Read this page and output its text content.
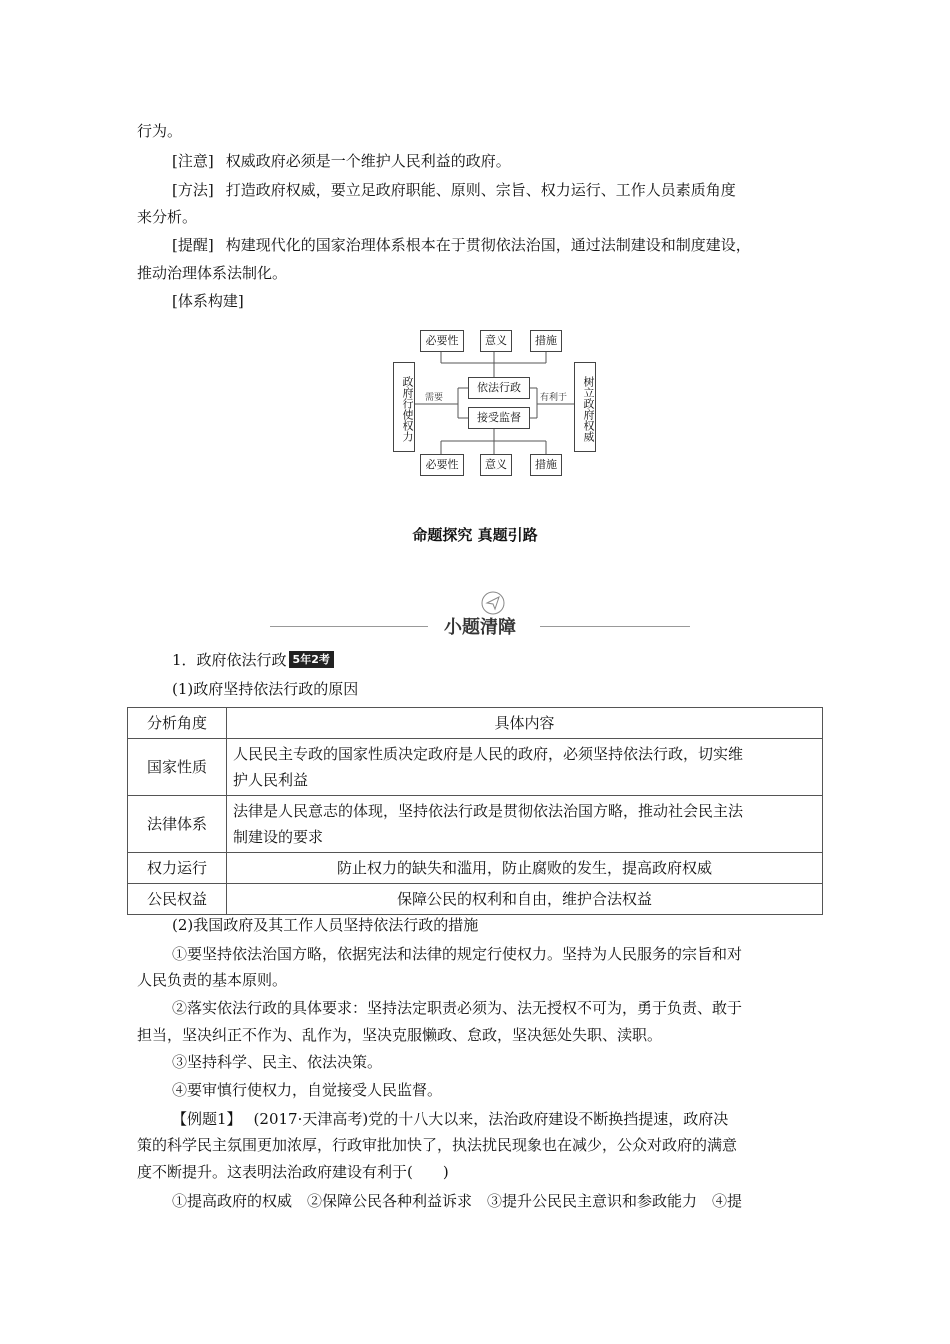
行为。
[注意] 权威政府必须是一个维护人民利益的政府。
[方法] 打造政府权威，要立足政府职能、原则、宗旨、权力运行、工作人员素质角度
来分析。
[提醒] 构建现代化的国家治理体系根本在于贯彻依法治国，通过法制建设和制度建设，
推动治理体系法制化。
[体系构建]
必要性	意义	措施
依法行政
接受监督
政府行使权力	树立政府权威
需要	有利于
必要性	意义	措施
命题探究 真题引路
小题清障
1．政府依法行政 5年2考
(1)政府坚持依法行政的原因
分析角度	具体内容
国家性质	人民民主专政的国家性质决定政府是人民的政府，必须坚持依法行政，切实维
护人民利益
法律体系	法律是人民意志的体现，坚持依法行政是贯彻依法治国方略，推动社会民主法
制建设的要求
权力运行	防止权力的缺失和滥用，防止腐败的发生，提高政府权威
公民权益	保障公民的权利和自由，维护合法权益
(2)我国政府及其工作人员坚持依法行政的措施
①要坚持依法治国方略，依据宪法和法律的规定行使权力。坚持为人民服务的宗旨和对
人民负责的基本原则。
②落实依法行政的具体要求：坚持法定职责必须为、法无授权不可为，勇于负责、敢于
担当，坚决纠正不作为、乱作为，坚决克服懒政、怠政，坚决惩处失职、渎职。
③坚持科学、民主、依法决策。
④要审慎行使权力，自觉接受人民监督。
【例题1】 (2017·天津高考)党的十八大以来，法治政府建设不断换挡提速，政府决
策的科学民主氛围更加浓厚，行政审批加快了，执法扰民现象也在减少，公众对政府的满意
度不断提升。这表明法治政府建设有利于(　　)
①提高政府的权威　②保障公民各种利益诉求　③提升公民民主意识和参政能力　④提
